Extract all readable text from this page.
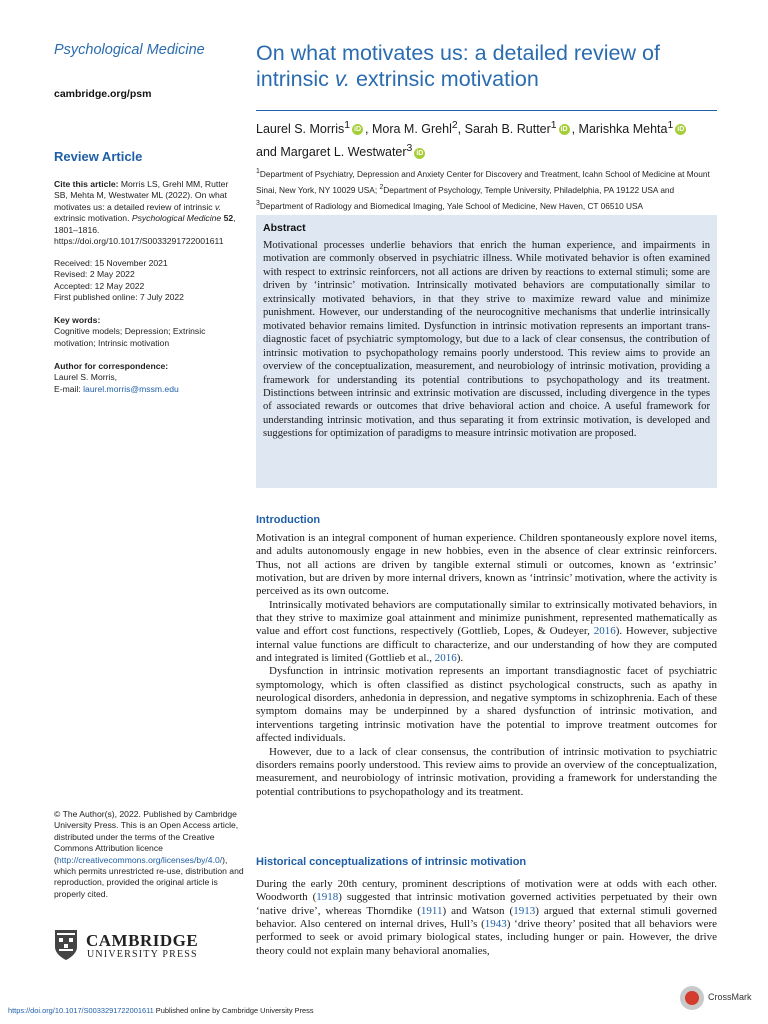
Psychological Medicine
cambridge.org/psm
Review Article
Cite this article: Morris LS, Grehl MM, Rutter SB, Mehta M, Westwater ML (2022). On what motivates us: a detailed review of intrinsic v. extrinsic motivation. Psychological Medicine 52, 1801–1816. https://doi.org/10.1017/S0033291722001611
Received: 15 November 2021
Revised: 2 May 2022
Accepted: 12 May 2022
First published online: 7 July 2022
Key words:
Cognitive models; Depression; Extrinsic motivation; Intrinsic motivation
Author for correspondence:
Laurel S. Morris,
E-mail: laurel.morris@mssm.edu
© The Author(s), 2022. Published by Cambridge University Press. This is an Open Access article, distributed under the terms of the Creative Commons Attribution licence (http://creativecommons.org/licenses/by/4.0/), which permits unrestricted re-use, distribution and reproduction, provided the original article is properly cited.
CAMBRIDGE
UNIVERSITY PRESS
On what motivates us: a detailed review of intrinsic v. extrinsic motivation
Laurel S. Morris$^1$ iD , Mora M. Grehl$^2$, Sarah B. Rutter$^1$ iD , Marishka Mehta$^1$ iD
and Margaret L. Westwater$^3$ iD
$^1$Department of Psychiatry, Depression and Anxiety Center for Discovery and Treatment, Icahn School of Medicine at Mount Sinai, New York, NY 10029 USA; $^2$Department of Psychology, Temple University, Philadelphia, PA 19122 USA and $^3$Department of Radiology and Biomedical Imaging, Yale School of Medicine, New Haven, CT 06510 USA
Abstract
Motivational processes underlie behaviors that enrich the human experience, and impairments in motivation are commonly observed in psychiatric illness. While motivated behavior is often examined with respect to extrinsic reinforcers, not all actions are driven by reactions to external stimuli; some are driven by ‘intrinsic’ motivation. Intrinsically motivated behaviors are computationally similar to extrinsically motivated behaviors, in that they strive to maximize reward value and minimize punishment. However, our understanding of the neurocognitive mechanisms that underlie intrinsically motivated behavior remains limited. Dysfunction in intrinsic motivation represents an important trans-diagnostic facet of psychiatric symptomology, but due to a lack of clear consensus, the contribution of intrinsic motivation to psychopathology remains poorly understood. This review aims to provide an overview of the conceptualization, measurement, and neurobiology of intrinsic motivation, providing a framework for understanding its potential contributions to psychopathology and its treatment. Distinctions between intrinsic and extrinsic motivation are discussed, including divergence in the types of associated rewards or outcomes that drive behavioral action and choice. A useful framework for understanding intrinsic motivation, and thus separating it from extrinsic motivation, is developed and suggestions for optimization of paradigms to measure intrinsic motivation are proposed.
Introduction

Motivation is an integral component of human experience. Children spontaneously explore novel items, and adults autonomously engage in new hobbies, even in the absence of clear extrinsic reinforcers. Thus, not all actions are driven by tangible external stimuli or outcomes, known as ‘extrinsic’ motivation, but are driven by more internal drivers, known as ‘intrinsic’ motivation, where the activity is perceived as its own outcome.

Intrinsically motivated behaviors are computationally similar to extrinsically motivated behaviors, in that they strive to maximize goal attainment and minimize punishment, represented mathematically as value and effort cost functions, respectively (Gottlieb, Lopes, & Oudeyer, 2016). However, subjective internal value functions are difficult to characterize, and our understanding of how they are computed and integrated is limited (Gottlieb et al., 2016).

Dysfunction in intrinsic motivation represents an important transdiagnostic facet of psychiatric symptomology, which is often classified as distinct psychological constructs, such as apathy in neurological disorders, anhedonia in depression, and negative symptoms in schizophrenia. Each of these symptom domains may be underpinned by a shared dysfunction of intrinsic motivation, and interventions targeting intrinsic motivation have the potential to improve treatment outcomes for affected individuals.

However, due to a lack of clear consensus, the contribution of intrinsic motivation to psychiatric disorders remains poorly understood. This review aims to provide an overview of the conceptualization, measurement, and neurobiology of intrinsic motivation, providing a framework for understanding the potential contributions to psychopathology and its treatment.

Historical conceptualizations of intrinsic motivation

During the early 20th century, prominent descriptions of motivation were at odds with each other. Woodworth (1918) suggested that intrinsic motivation governed activities perpetuated by their own ‘native drive’, whereas Thorndike (1911) and Watson (1913) argued that external stimuli governed behavior. Also centered on internal drives, Hull’s (1943) ‘drive theory’ posited that all behaviors were performed to seek or avoid primary biological states, including hunger or pain. However, the drive theory could not explain many behavioral anomalies,

https://doi.org/10.1017/S0033291722001611 Published online by Cambridge University Press
CrossMark
